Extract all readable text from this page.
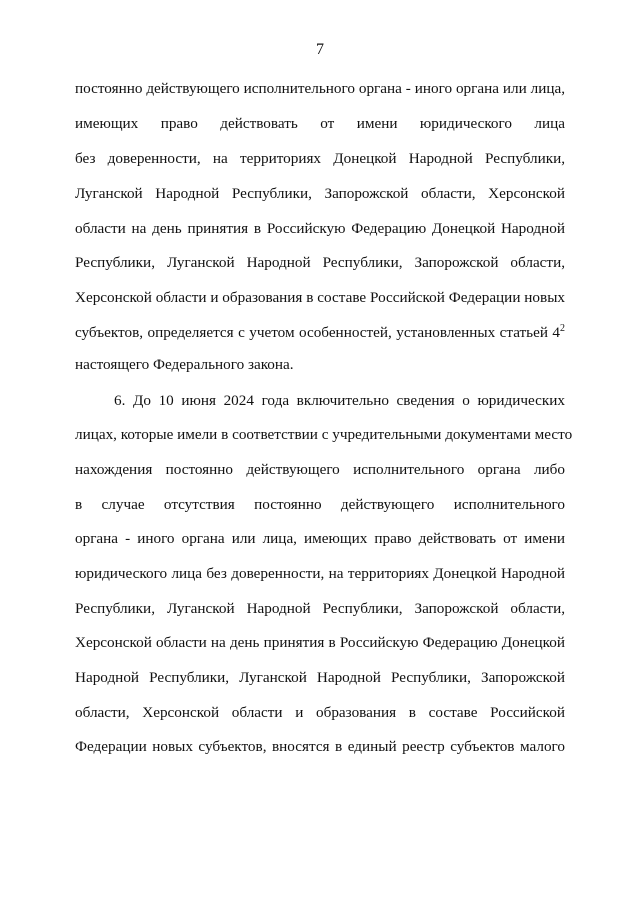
7
постоянно действующего исполнительного органа - иного органа или лица,
имеющих право действовать от имени юридического лица
без доверенности, на территориях Донецкой Народной Республики,
Луганской Народной Республики, Запорожской области, Херсонской
области на день принятия в Российскую Федерацию Донецкой Народной
Республики, Луганской Народной Республики, Запорожской области,
Херсонской области и образования в составе Российской Федерации новых
субъектов, определяется с учетом особенностей, установленных статьей $4^2$
настоящего Федерального закона.
6. До 10 июня 2024 года включительно сведения о юридических
лицах, которые имели в соответствии с учредительными документами место
нахождения постоянно действующего исполнительного органа либо
в случае отсутствия постоянно действующего исполнительного
органа - иного органа или лица, имеющих право действовать от имени
юридического лица без доверенности, на территориях Донецкой Народной
Республики, Луганской Народной Республики, Запорожской области,
Херсонской области на день принятия в Российскую Федерацию Донецкой
Народной Республики, Луганской Народной Республики, Запорожской
области, Херсонской области и образования в составе Российской
Федерации новых субъектов, вносятся в единый реестр субъектов малого
